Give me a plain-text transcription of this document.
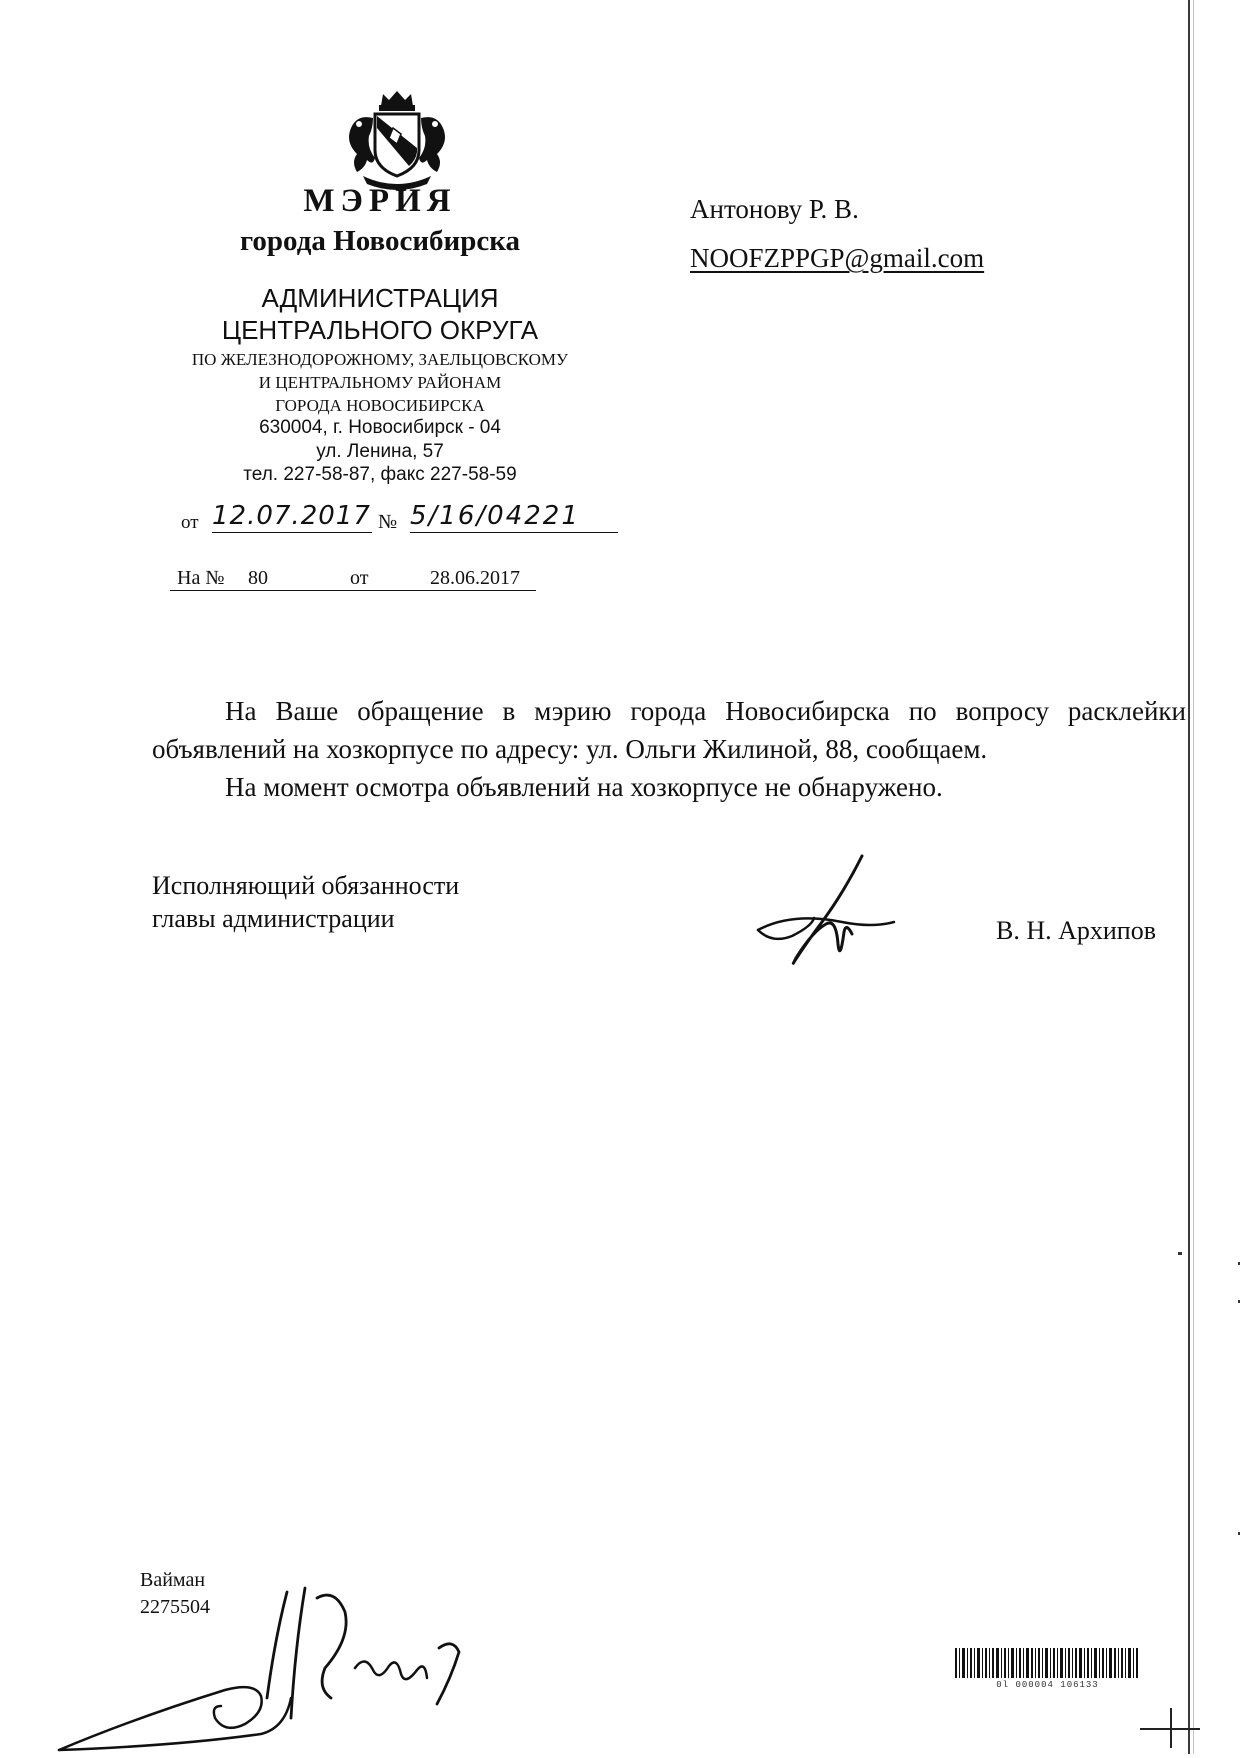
МЭРИЯ
города Новосибирска
АДМИНИСТРАЦИЯ
ЦЕНТРАЛЬНОГО ОКРУГА
ПО ЖЕЛЕЗНОДОРОЖНОМУ, ЗАЕЛЬЦОВСКОМУ
И ЦЕНТРАЛЬНОМУ РАЙОНАМ
ГОРОДА НОВОСИБИРСКА
630004, г. Новосибирск - 04
ул. Ленина, 57
тел. 227-58-87, факс 227-58-59
от 12.07.2017 № 5/16/04221
На № 80	от	28.06.2017
Антонову Р. В.
NOOFZPPGP@gmail.com

На Ваше обращение в мэрию города Новосибирска по вопросу расклейки объявлений на хозкорпусе по адресу: ул. Ольги Жилиной, 88, сообщаем.

На момент осмотра объявлений на хозкорпусе не обнаружено.

Исполняющий обязанности
главы администрации	В. Н. Архипов
Вайман
2275504
0l 000004 106133
